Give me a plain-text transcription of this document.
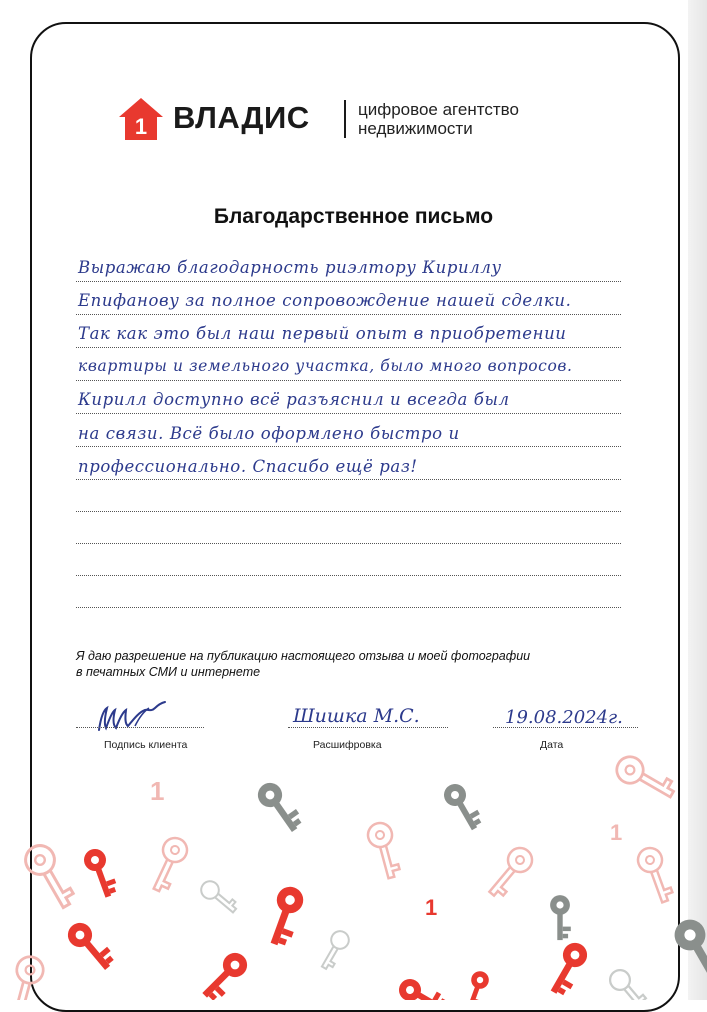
1 ВЛАДИС	цифровое агентство
недвижимости
Благодарственное письмо
Выражаю благодарность риэлтору Кириллу
Епифанову за полное сопровождение нашей сделки.
Так как это был наш первый опыт в приобретении
квартиры и земельного участка, было много вопросов.
Кирилл доступно всё разъяснил и всегда был
на связи. Всё было оформлено быстро и
профессионально. Спасибо ещё раз!
Я даю разрешение на публикацию настоящего отзыва и моей фотографии
в печатных СМИ и интернете
Подпись клиента
Шишка М.С.
Расшифровка
19.08.2024г.
Дата
1
1
1
